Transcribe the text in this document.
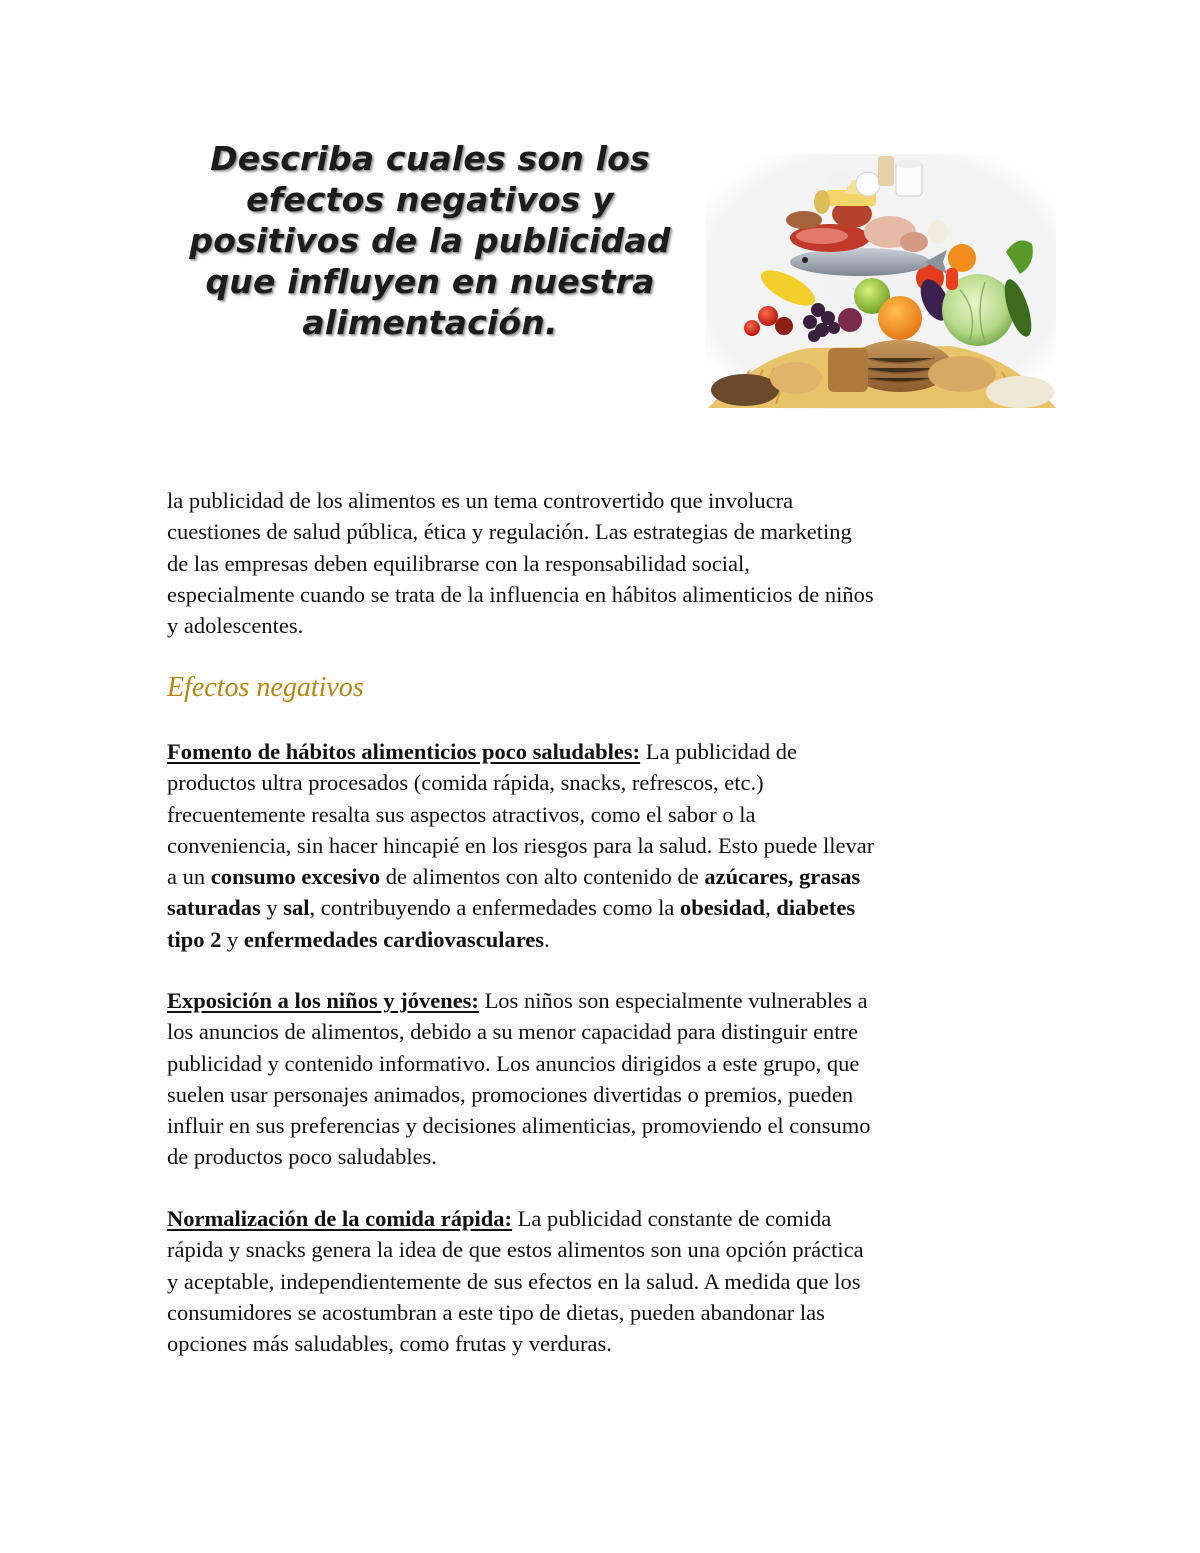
Describa cuales son los
efectos negativos y
positivos de la publicidad
que influyen en nuestra
alimentación.
la publicidad de los alimentos es un tema controvertido que involucra
cuestiones de salud pública, ética y regulación. Las estrategias de marketing
de las empresas deben equilibrarse con la responsabilidad social,
especialmente cuando se trata de la influencia en hábitos alimenticios de niños
y adolescentes.
Efectos negativos
Fomento de hábitos alimenticios poco saludables: La publicidad de
productos ultra procesados (comida rápida, snacks, refrescos, etc.)
frecuentemente resalta sus aspectos atractivos, como el sabor o la
conveniencia, sin hacer hincapié en los riesgos para la salud. Esto puede llevar
a un consumo excesivo de alimentos con alto contenido de azúcares, grasas
saturadas y sal, contribuyendo a enfermedades como la obesidad, diabetes
tipo 2 y enfermedades cardiovasculares.
Exposición a los niños y jóvenes: Los niños son especialmente vulnerables a
los anuncios de alimentos, debido a su menor capacidad para distinguir entre
publicidad y contenido informativo. Los anuncios dirigidos a este grupo, que
suelen usar personajes animados, promociones divertidas o premios, pueden
influir en sus preferencias y decisiones alimenticias, promoviendo el consumo
de productos poco saludables.
Normalización de la comida rápida: La publicidad constante de comida
rápida y snacks genera la idea de que estos alimentos son una opción práctica
y aceptable, independientemente de sus efectos en la salud. A medida que los
consumidores se acostumbran a este tipo de dietas, pueden abandonar las
opciones más saludables, como frutas y verduras.
